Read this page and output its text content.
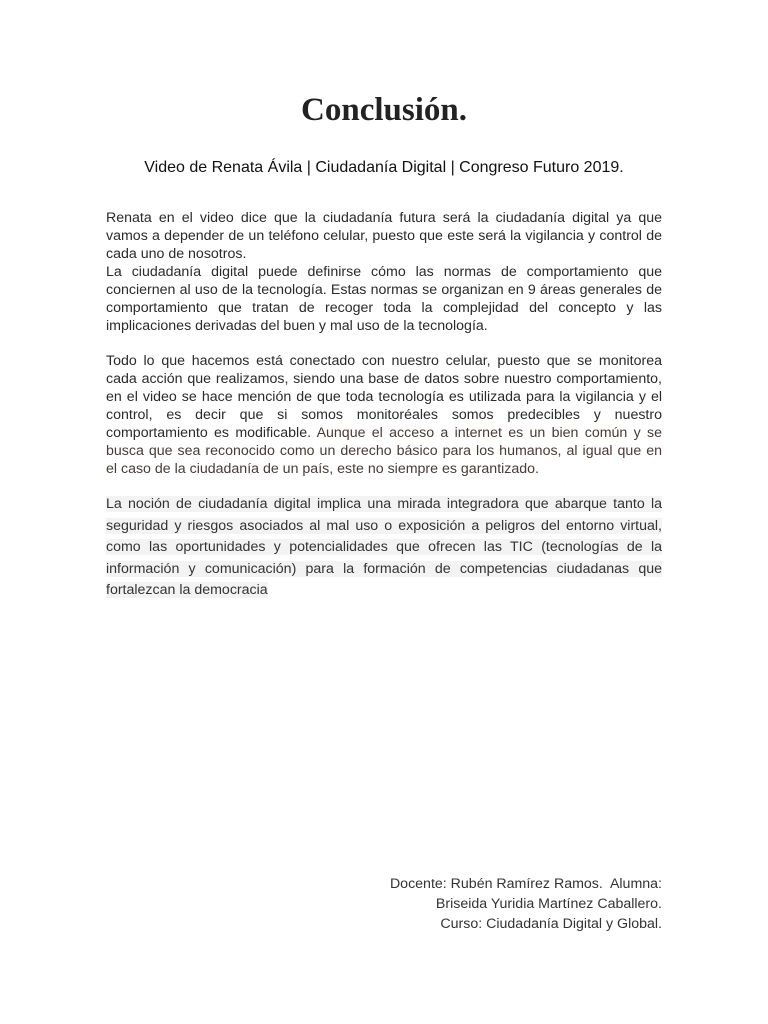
Conclusión.

Video de Renata Ávila | Ciudadanía Digital | Congreso Futuro 2019.

Renata en el video dice que la ciudadanía futura será la ciudadanía digital ya que vamos a depender de un teléfono celular, puesto que este será la vigilancia y control de cada uno de nosotros.

La ciudadanía digital puede definirse cómo las normas de comportamiento que conciernen al uso de la tecnología. Estas normas se organizan en 9 áreas generales de comportamiento que tratan de recoger toda la complejidad del concepto y las implicaciones derivadas del buen y mal uso de la tecnología.

Todo lo que hacemos está conectado con nuestro celular, puesto que se monitorea cada acción que realizamos, siendo una base de datos sobre nuestro comportamiento, en el video se hace mención de que toda tecnología es utilizada para la vigilancia y el control, es decir que si somos monitoréales somos predecibles y nuestro comportamiento es modificable. Aunque el acceso a internet es un bien común y se busca que sea reconocido como un derecho básico para los humanos, al igual que en el caso de la ciudadanía de un país, este no siempre es garantizado.

La noción de ciudadanía digital implica una mirada integradora que abarque tanto la seguridad y riesgos asociados al mal uso o exposición a peligros del entorno virtual, como las oportunidades y potencialidades que ofrecen las TIC (tecnologías de la información y comunicación) para la formación de competencias ciudadanas que fortalezcan la democracia

Docente: Rubén Ramírez Ramos.  Alumna:
Briseida Yuridia Martínez Caballero.
Curso: Ciudadanía Digital y Global.
